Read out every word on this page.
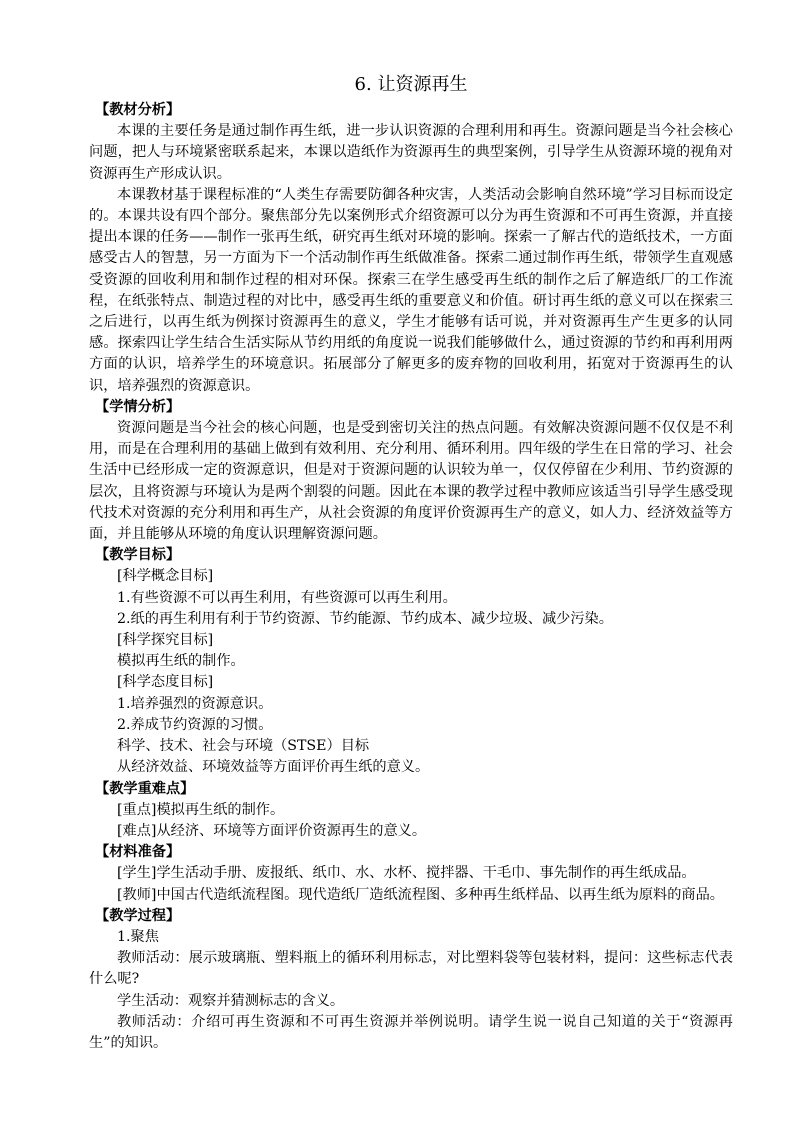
6. 让资源再生

【教材分析】

本课的主要任务是通过制作再生纸，进一步认识资源的合理利用和再生。资源问题是当今社会核心问题，把人与环境紧密联系起来，本课以造纸作为资源再生的典型案例，引导学生从资源环境的视角对资源再生产形成认识。

本课教材基于课程标准的“人类生存需要防御各种灾害，人类活动会影响自然环境”学习目标而设定的。本课共设有四个部分。聚焦部分先以案例形式介绍资源可以分为再生资源和不可再生资源，并直接提出本课的任务——制作一张再生纸，研究再生纸对环境的影响。探索一了解古代的造纸技术，一方面感受古人的智慧，另一方面为下一个活动制作再生纸做准备。探索二通过制作再生纸，带领学生直观感受资源的回收利用和制作过程的相对环保。探索三在学生感受再生纸的制作之后了解造纸厂的工作流程，在纸张特点、制造过程的对比中，感受再生纸的重要意义和价值。研讨再生纸的意义可以在探索三之后进行，以再生纸为例探讨资源再生的意义，学生才能够有话可说，并对资源再生产生更多的认同感。探索四让学生结合生活实际从节约用纸的角度说一说我们能够做什么，通过资源的节约和再利用两方面的认识，培养学生的环境意识。拓展部分了解更多的废弃物的回收利用，拓宽对于资源再生的认识，培养强烈的资源意识。

【学情分析】

资源问题是当今社会的核心问题，也是受到密切关注的热点问题。有效解决资源问题不仅仅是不利用，而是在合理利用的基础上做到有效利用、充分利用、循环利用。四年级的学生在日常的学习、社会生活中已经形成一定的资源意识，但是对于资源问题的认识较为单一，仅仅停留在少利用、节约资源的层次，且将资源与环境认为是两个割裂的问题。因此在本课的教学过程中教师应该适当引导学生感受现代技术对资源的充分利用和再生产，从社会资源的角度评价资源再生产的意义，如人力、经济效益等方面，并且能够从环境的角度认识理解资源问题。

【教学目标】

[科学概念目标]

1.有些资源不可以再生利用，有些资源可以再生利用。

2.纸的再生利用有利于节约资源、节约能源、节约成本、减少垃圾、减少污染。

[科学探究目标]

模拟再生纸的制作。

[科学态度目标]

1.培养强烈的资源意识。

2.养成节约资源的习惯。

科学、技术、社会与环境（STSE）目标

从经济效益、环境效益等方面评价再生纸的意义。

【教学重难点】

[重点]模拟再生纸的制作。

[难点]从经济、环境等方面评价资源再生的意义。

【材料准备】

[学生]学生活动手册、废报纸、纸巾、水、水杯、搅拌器、干毛巾、事先制作的再生纸成品。

[教师]中国古代造纸流程图。现代造纸厂造纸流程图、多种再生纸样品、以再生纸为原料的商品。

【教学过程】

1.聚焦

教师活动：展示玻璃瓶、塑料瓶上的循环利用标志，对比塑料袋等包装材料，提问：这些标志代表什么呢?

学生活动：观察并猜测标志的含义。

教师活动：介绍可再生资源和不可再生资源并举例说明。请学生说一说自己知道的关于“资源再生”的知识。
